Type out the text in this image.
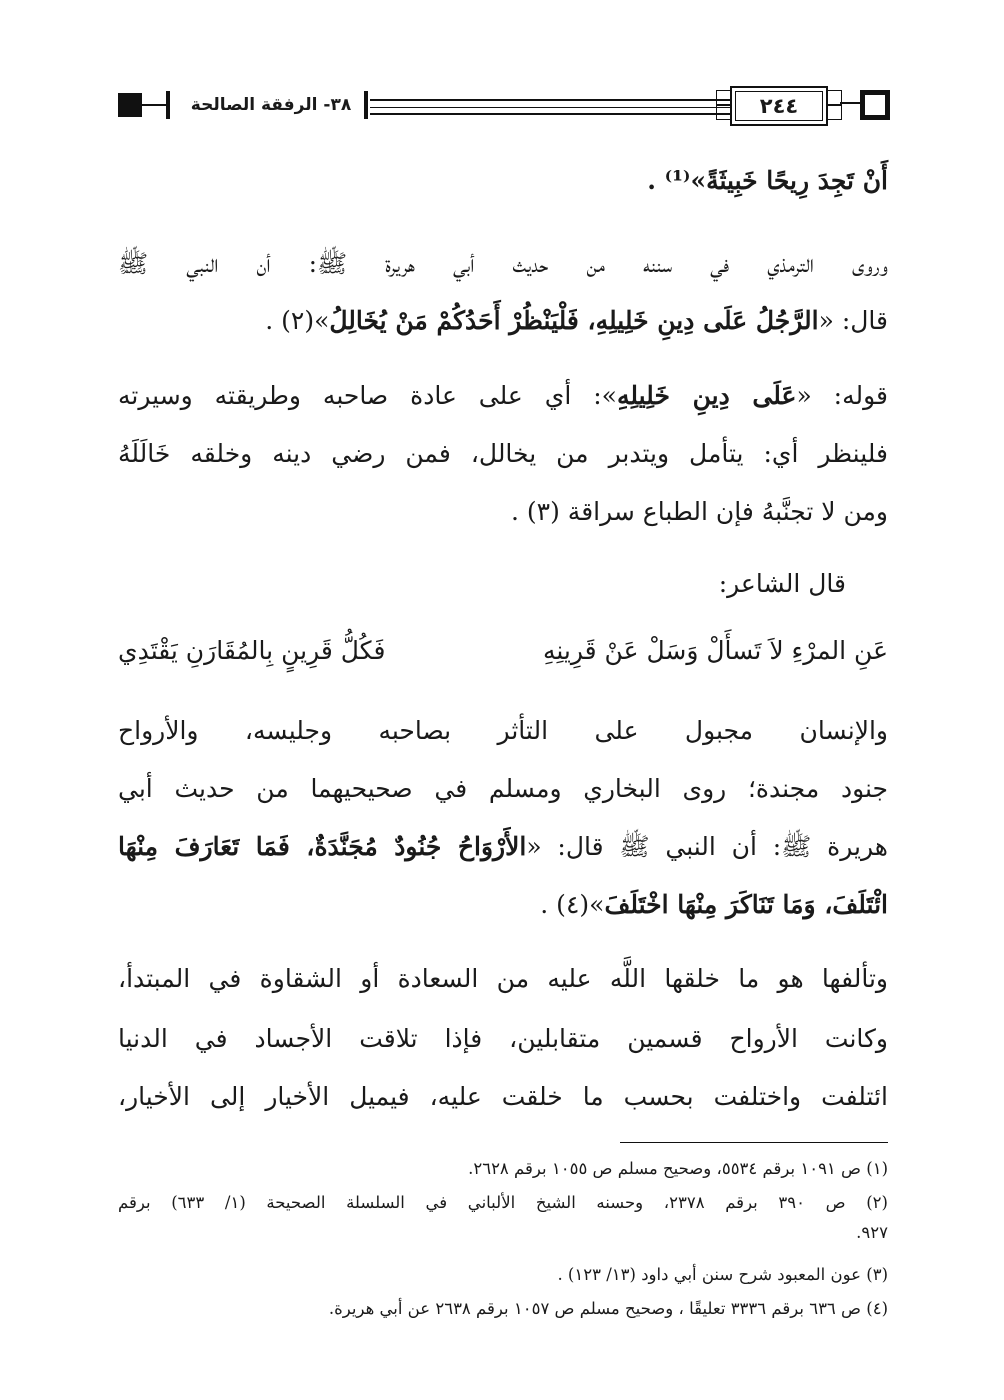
٣٨- الرفقة الصالحة	٢٤٤
أَنْ تَجِدَ رِيحًا خَبِيثَةً»⁽¹⁾ .
وروى الترمذي في سننه من حديث أبي هريرة ﷺ: أن النبي ﷺ
قال: «الرَّجُلُ عَلَى دِينِ خَلِيلِهِ، فَلْيَنْظُرْ أَحَدُكُمْ مَنْ يُخَالِلُ»(٢) .
قوله: «عَلَى دِينِ خَلِيلِهِ»: أي على عادة صاحبه وطريقته وسيرته
فلينظر أي: يتأمل ويتدبر من يخالل، فمن رضي دينه وخلقه خَالَلَهُ
ومن لا تجنَّبهُ فإن الطباع سراقة (٣) .
قال الشاعر:
عَنِ المرْءِ لاَ تَسأَلْ وَسَلْ عَنْ قَرِينِهِ
فَكُلُّ قَرِينٍ بِالمُقَارَنِ يَقْتَدِي
والإنسان مجبول على التأثر بصاحبه وجليسه، والأرواح
جنود مجندة؛ روى البخاري ومسلم في صحيحيهما من حديث أبي
هريرة ﷺ: أن النبي ﷺ قال: «الأَرْوَاحُ جُنُودٌ مُجَنَّدَةٌ، فَمَا تَعَارَفَ مِنْهَا
ائْتَلَفَ، وَمَا تَنَاكَرَ مِنْهَا اخْتَلَفَ»(٤) .
وتألفها هو ما خلقها اللَّه عليه من السعادة أو الشقاوة في المبتدأ،
وكانت الأرواح قسمين متقابلين، فإذا تلاقت الأجساد في الدنيا
ائتلفت واختلفت بحسب ما خلقت عليه، فيميل الأخيار إلى الأخيار،
(١) ص ١٠٩١ برقم ٥٥٣٤، وصحيح مسلم ص ١٠٥٥ برقم ٢٦٢٨.
(٢) ص ٣٩٠ برقم ٢٣٧٨، وحسنه الشيخ الألباني في السلسلة الصحيحة (١/ ٦٣٣) برقم
٩٢٧.
(٣) عون المعبود شرح سنن أبي داود (١٣/ ١٢٣) .
(٤) ص ٦٣٦ برقم ٣٣٣٦ تعليقًا ، وصحيح مسلم ص ١٠٥٧ برقم ٢٦٣٨ عن أبي هريرة.
